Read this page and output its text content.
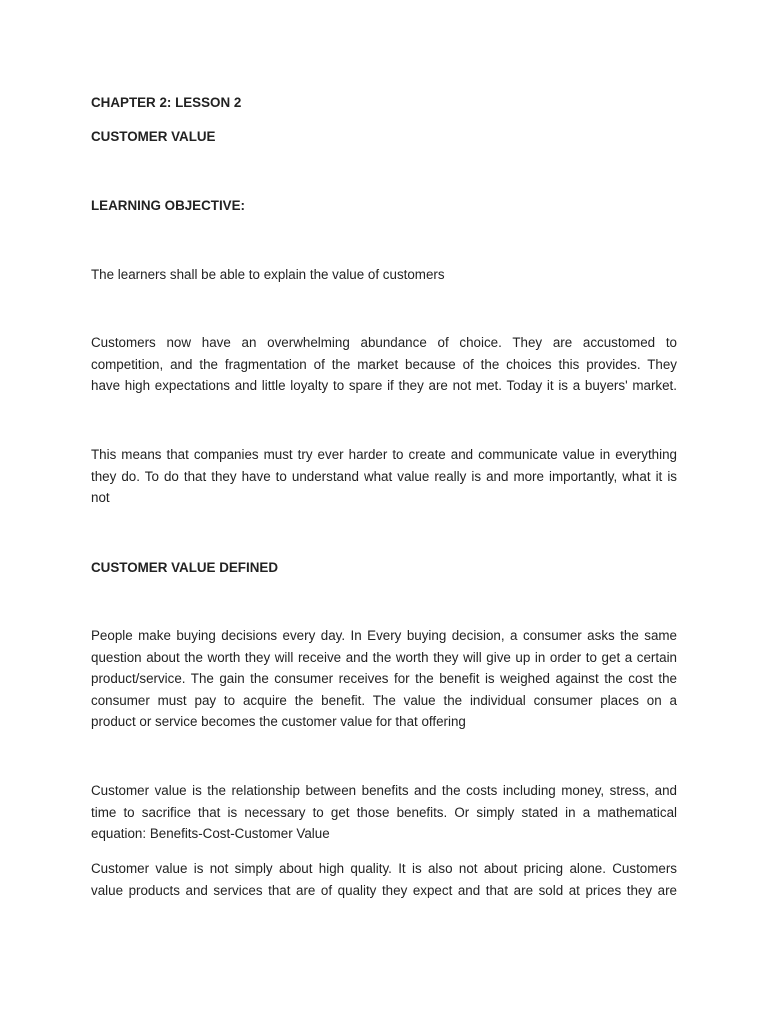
CHAPTER 2: LESSON 2

CUSTOMER VALUE

LEARNING OBJECTIVE:

The learners shall be able to explain the value of customers

Customers now have an overwhelming abundance of choice. They are accustomed to
competition, and the fragmentation of the market because of the choices this provides. They
have high expectations and little loyalty to spare if they are not met. Today it is a buyers' market.
This means that companies must try ever harder to create and communicate value in everything
they do. To do that they have to understand what value really is and more importantly, what it is
not

CUSTOMER VALUE DEFINED

People make buying decisions every day. In Every buying decision, a consumer asks the same
question about the worth they will receive and the worth they will give up in order to get a certain
product/service. The gain the consumer receives for the benefit is weighed against the cost the
consumer must pay to acquire the benefit. The value the individual consumer places on a
product or service becomes the customer value for that offering
Customer value is the relationship between benefits and the costs including money, stress, and
time to sacrifice that is necessary to get those benefits. Or simply stated in a mathematical
equation: Benefits-Cost-Customer Value
Customer value is not simply about high quality. It is also not about pricing alone. Customers
value products and services that are of quality they expect and that are sold at prices they are
